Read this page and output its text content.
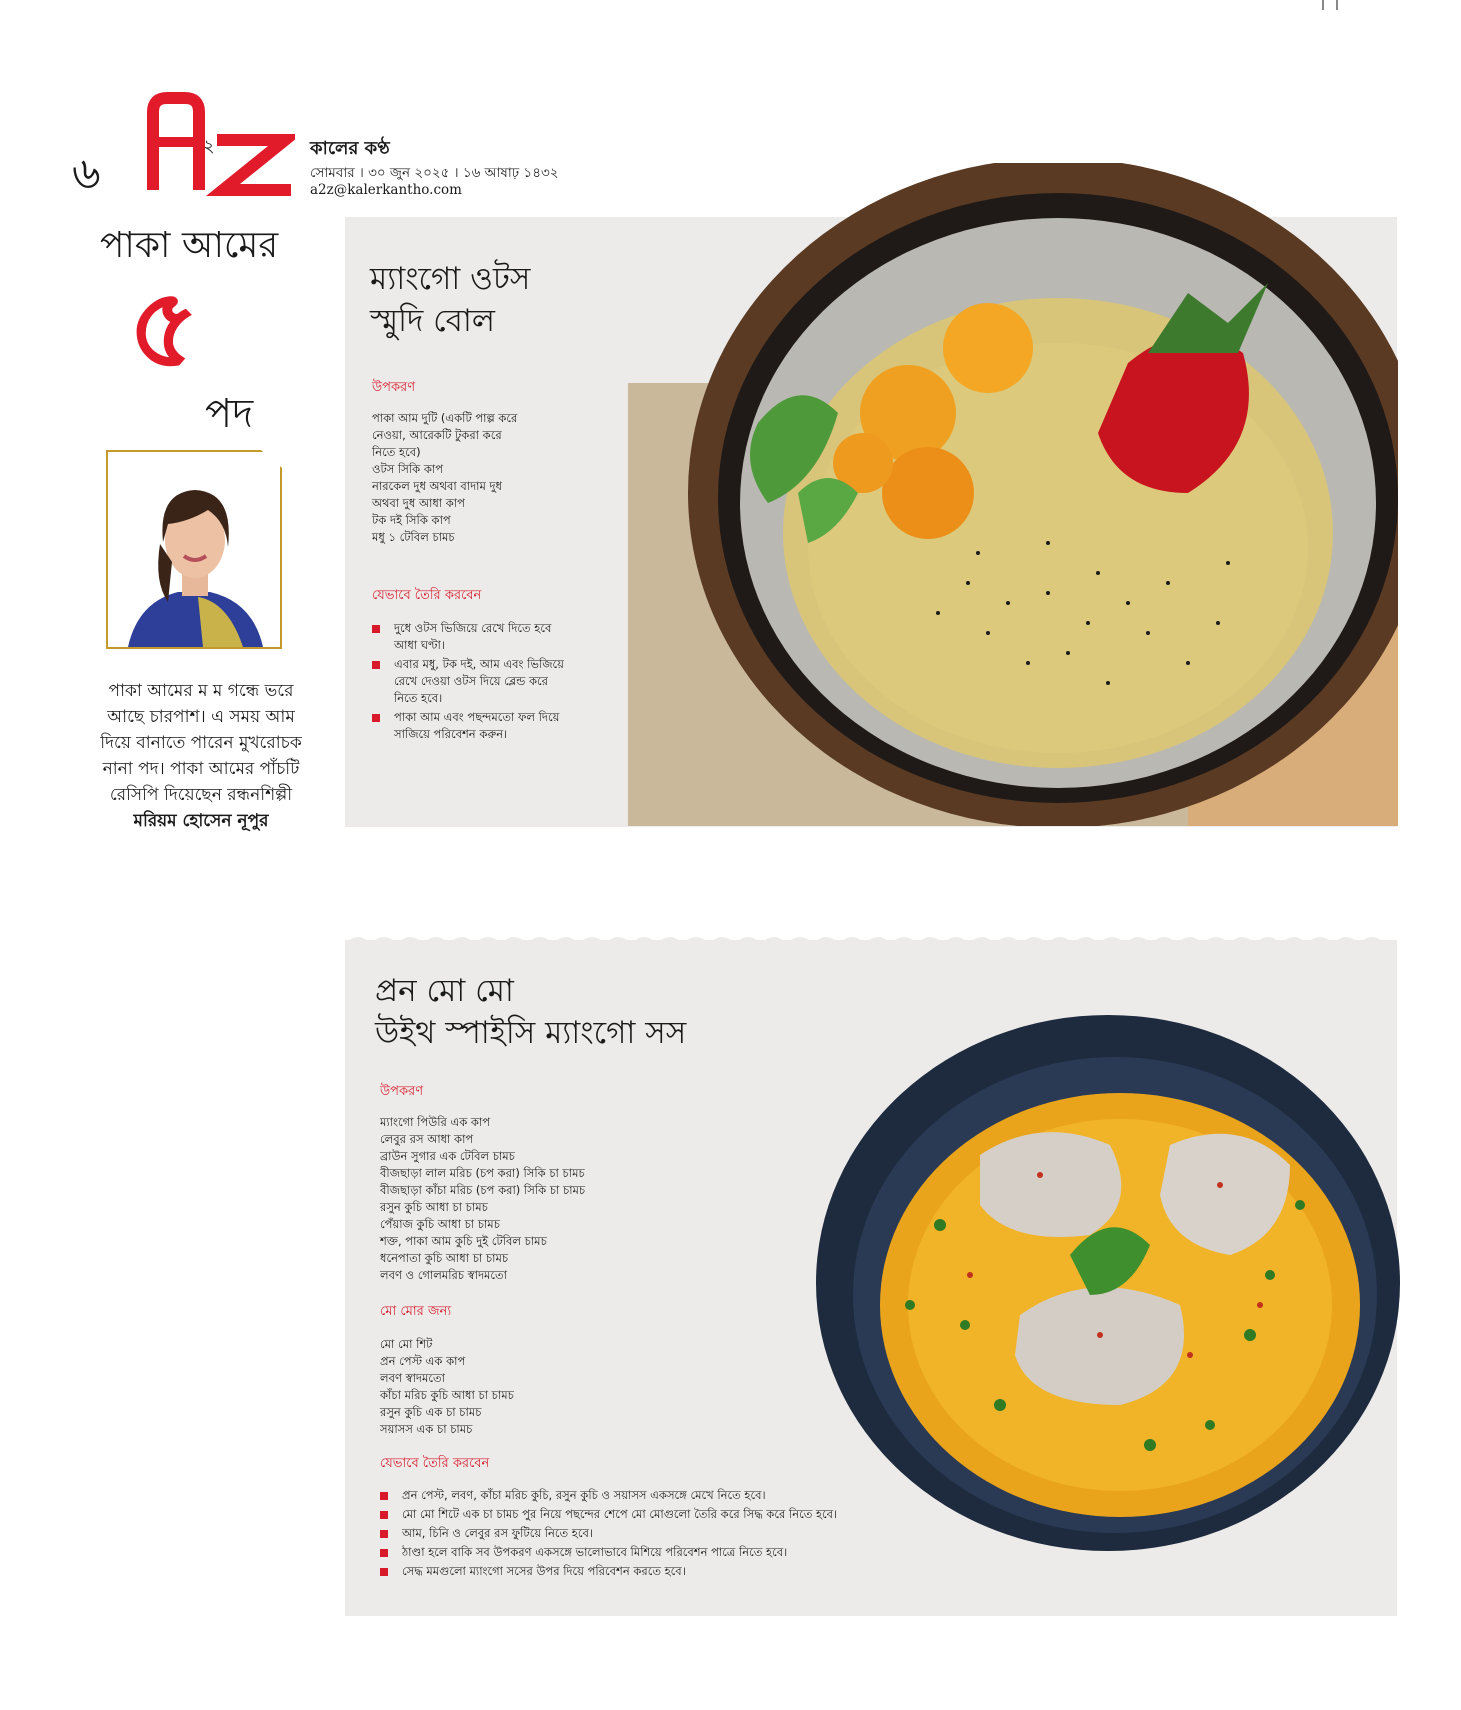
৬
২	কালের কণ্ঠ
সোমবার । ৩০ জুন ২০২৫ । ১৬ আষাঢ় ১৪৩২
a2z@kalerkantho.com
পাকা আমের
৫
পদ
পাকা আমের ম ম গন্ধে ভরে আছে চারপাশ। এ সময় আম দিয়ে বানাতে পারেন মুখরোচক নানা পদ। পাকা আমের পাঁচটি রেসিপি দিয়েছেন রন্ধনশিল্পী
মরিয়ম হোসেন নূপুর
ম্যাংগো ওটস
স্মুদি বোল
উপকরণ
পাকা আম দুটি (একটি পাল্প করে
নেওয়া, আরেকটি টুকরা করে
নিতে হবে)
ওটস সিকি কাপ
নারকেল দুধ অথবা বাদাম দুধ
অথবা দুধ আধা কাপ
টক দই সিকি কাপ
মধু ১ টেবিল চামচ
যেভাবে তৈরি করবেন
দুধে ওটস ভিজিয়ে রেখে দিতে হবে আধা ঘণ্টা।
এবার মধু, টক দই, আম এবং ভিজিয়ে রেখে দেওয়া ওটস দিয়ে ব্লেন্ড করে নিতে হবে।
পাকা আম এবং পছন্দমতো ফল দিয়ে সাজিয়ে পরিবেশন করুন।
প্রন মো মো
উইথ স্পাইসি ম্যাংগো সস
উপকরণ
ম্যাংগো পিউরি এক কাপ
লেবুর রস আধা কাপ
ব্রাউন সুগার এক টেবিল চামচ
বীজছাড়া লাল মরিচ (চপ করা) সিকি চা চামচ
বীজছাড়া কাঁচা মরিচ (চপ করা) সিকি চা চামচ
রসুন কুচি আধা চা চামচ
পেঁয়াজ কুচি আধা চা চামচ
শক্ত, পাকা আম কুচি দুই টেবিল চামচ
ধনেপাতা কুচি আধা চা চামচ
লবণ ও গোলমরিচ স্বাদমতো
মো মোর জন্য
মো মো শিট
প্রন পেস্ট এক কাপ
লবণ স্বাদমতো
কাঁচা মরিচ কুচি আধা চা চামচ
রসুন কুচি এক চা চামচ
সয়াসস এক চা চামচ
যেভাবে তৈরি করবেন
প্রন পেস্ট, লবণ, কাঁচা মরিচ কুচি, রসুন কুচি ও সয়াসস একসঙ্গে মেখে নিতে হবে।
মো মো শিটে এক চা চামচ পুর নিয়ে পছন্দের শেপে মো মোগুলো তৈরি করে সিদ্ধ করে নিতে হবে।
আম, চিনি ও লেবুর রস ফুটিয়ে নিতে হবে।
ঠাণ্ডা হলে বাকি সব উপকরণ একসঙ্গে ভালোভাবে মিশিয়ে পরিবেশন পাত্রে নিতে হবে।
সেদ্ধ মমগুলো ম্যাংগো সসের উপর দিয়ে পরিবেশন করতে হবে।
